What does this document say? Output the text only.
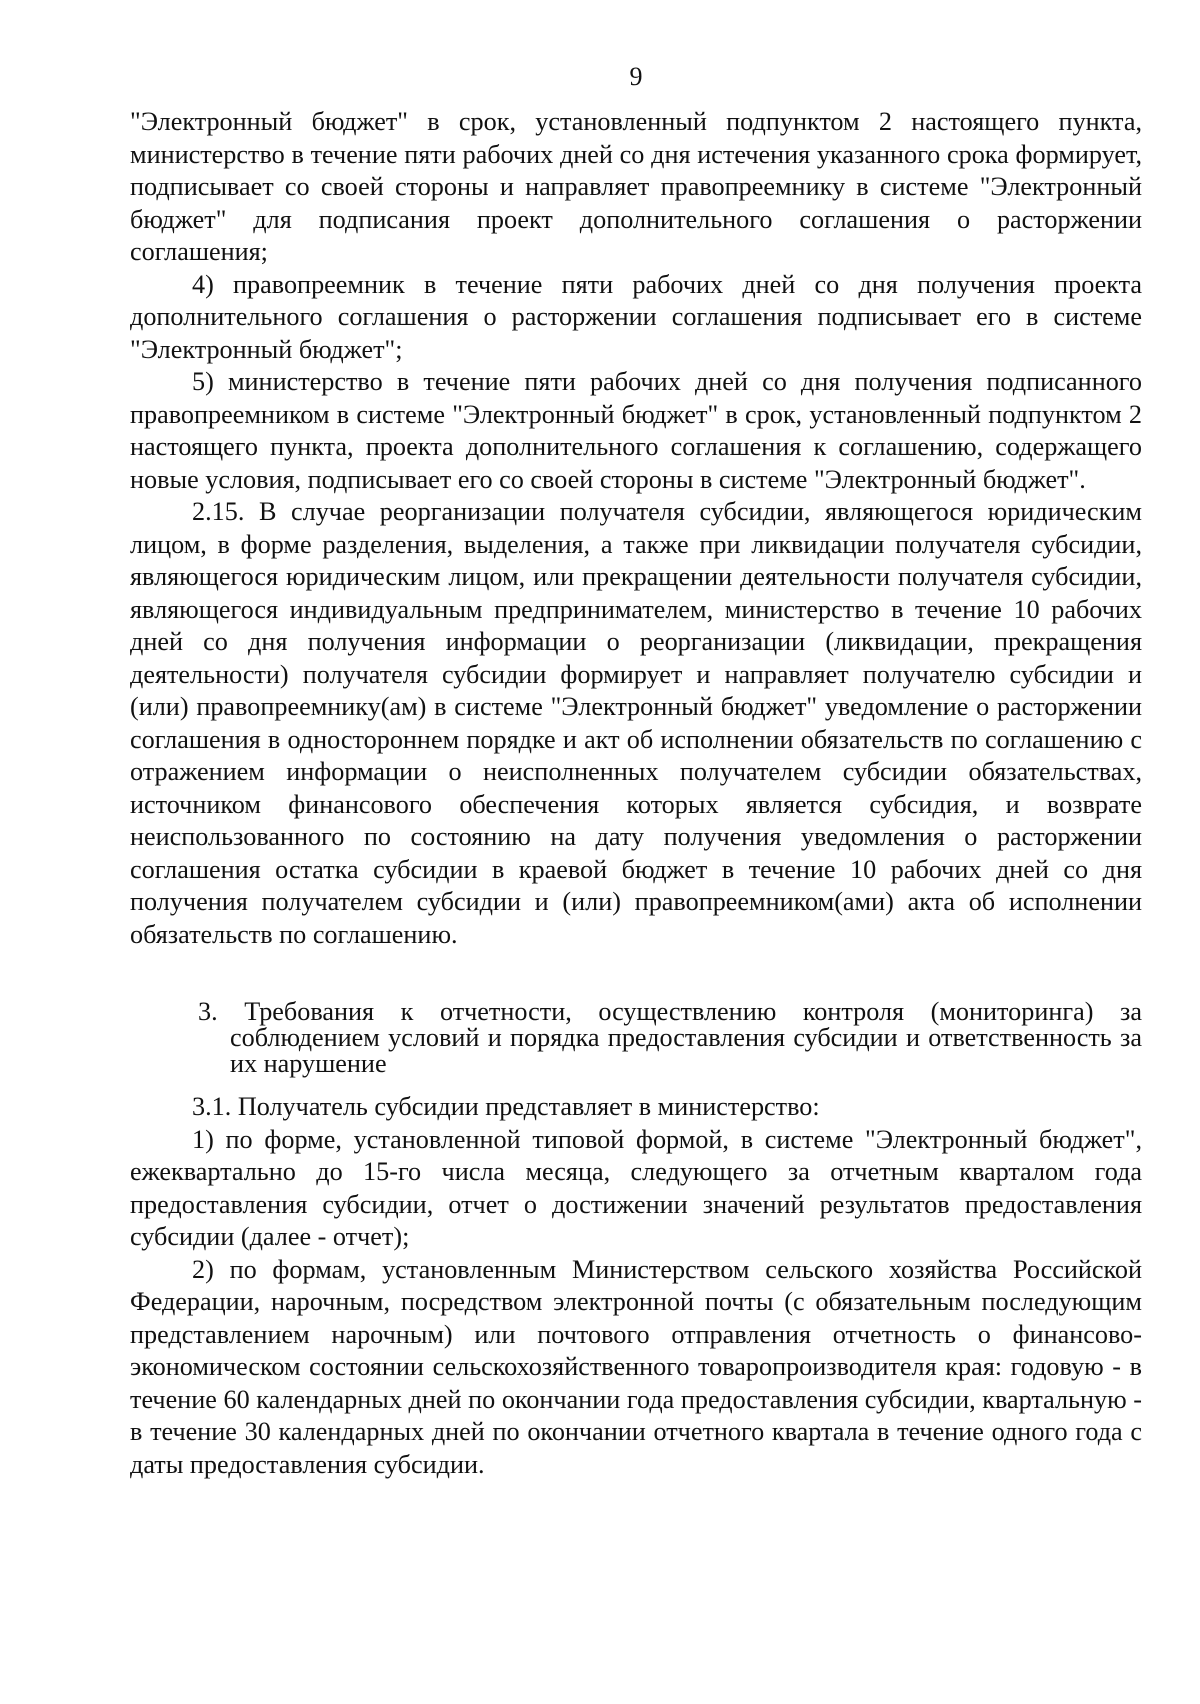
9

"Электронный бюджет" в срок, установленный подпунктом 2 настоящего пункта, министерство в течение пяти рабочих дней со дня истечения указанного срока формирует, подписывает со своей стороны и направляет правопреемнику в системе "Электронный бюджет" для подписания проект дополнительного соглашения о расторжении соглашения;

4) правопреемник в течение пяти рабочих дней со дня получения проекта дополнительного соглашения о расторжении соглашения подписывает его в системе "Электронный бюджет";

5) министерство в течение пяти рабочих дней со дня получения подписанного правопреемником в системе "Электронный бюджет" в срок, установленный подпунктом 2 настоящего пункта, проекта дополнительного соглашения к соглашению, содержащего новые условия, подписывает его со своей стороны в системе "Электронный бюджет".

2.15. В случае реорганизации получателя субсидии, являющегося юридическим лицом, в форме разделения, выделения, а также при ликвидации получателя субсидии, являющегося юридическим лицом, или прекращении деятельности получателя субсидии, являющегося индивидуальным предпринимателем, министерство в течение 10 рабочих дней со дня получения информации о реорганизации (ликвидации, прекращения деятельности) получателя субсидии формирует и направляет получателю субсидии и (или) правопреемнику(ам) в системе "Электронный бюджет" уведомление о расторжении соглашения в одностороннем порядке и акт об исполнении обязательств по соглашению с отражением информации о неисполненных получателем субсидии обязательствах, источником финансового обеспечения которых является субсидия, и возврате неиспользованного по состоянию на дату получения уведомления о расторжении соглашения остатка субсидии в краевой бюджет в течение 10 рабочих дней со дня получения получателем субсидии и (или) правопреемником(ами) акта об исполнении обязательств по соглашению.

3. Требования к отчетности, осуществлению контроля (мониторинга) за соблюдением условий и порядка предоставления субсидии и ответственность за их нарушение

3.1. Получатель субсидии представляет в министерство:

1) по форме, установленной типовой формой, в системе "Электронный бюджет", ежеквартально до 15-го числа месяца, следующего за отчетным кварталом года предоставления субсидии, отчет о достижении значений результатов предоставления субсидии (далее - отчет);

2) по формам, установленным Министерством сельского хозяйства Российской Федерации, нарочным, посредством электронной почты (с обязательным последующим представлением нарочным) или почтового отправления отчетность о финансово-экономическом состоянии сельскохозяйственного товаропроизводителя края: годовую - в течение 60 календарных дней по окончании года предоставления субсидии, квартальную - в течение 30 календарных дней по окончании отчетного квартала в течение одного года с даты предоставления субсидии.
